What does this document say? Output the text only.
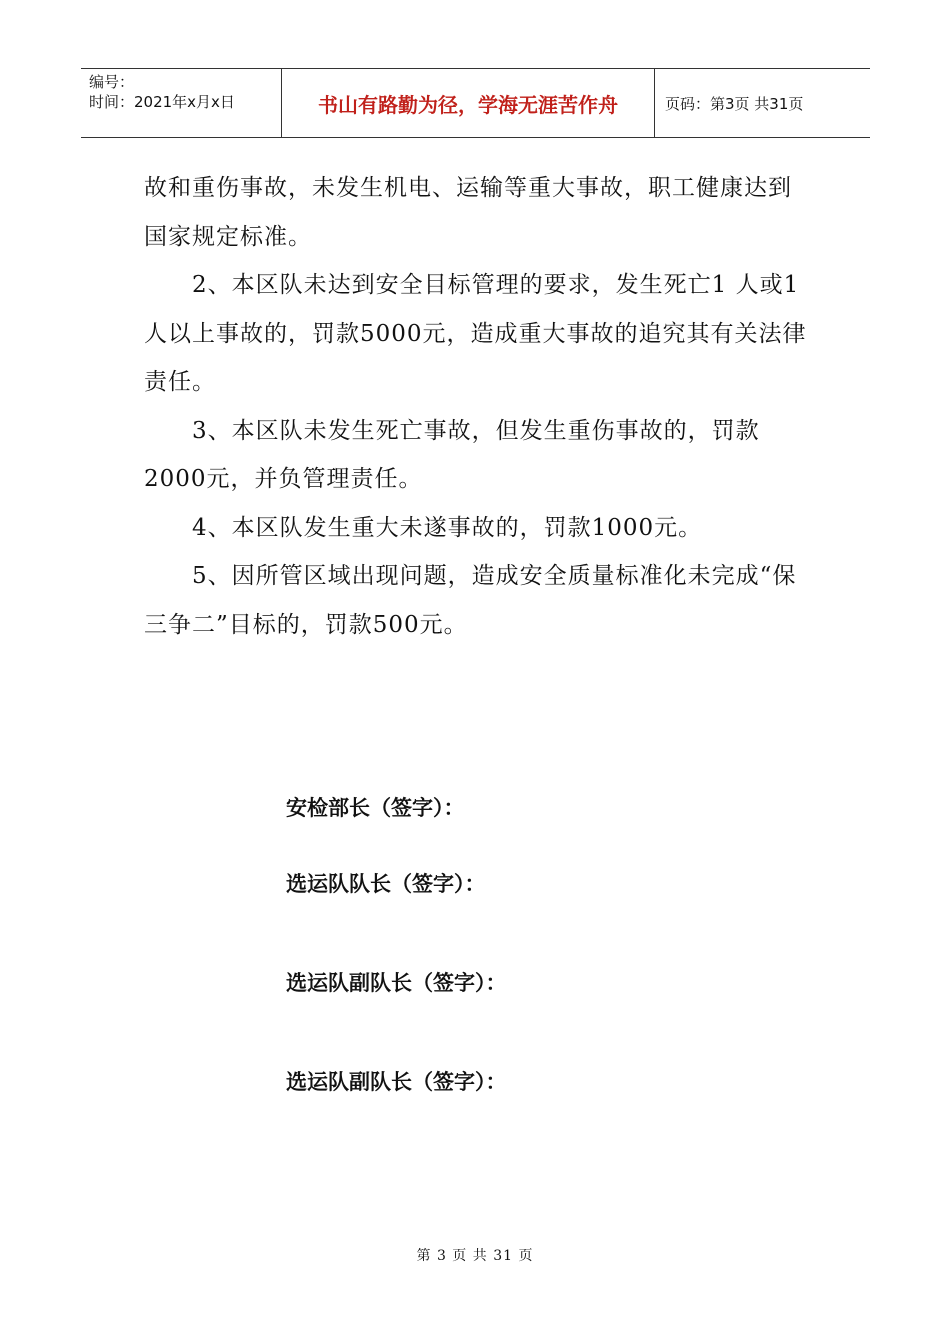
编号：
时间：2021年x月x日	书山有路勤为径，学海无涯苦作舟	页码：第3页 共31页

故和重伤事故，未发生机电、运输等重大事故，职工健康达到国家规定标准。

2、本区队未达到安全目标管理的要求，发生死亡1 人或1人以上事故的，罚款5000元，造成重大事故的追究其有关法律责任。

3、本区队未发生死亡事故，但发生重伤事故的，罚款2000元，并负管理责任。

4、本区队发生重大未遂事故的，罚款1000元。

5、因所管区域出现问题，造成安全质量标准化未完成“保三争二”目标的，罚款500元。

安检部长（签字）：
选运队队长（签字）：
选运队副队长（签字）：
选运队副队长（签字）：
第 3 页 共 31 页
